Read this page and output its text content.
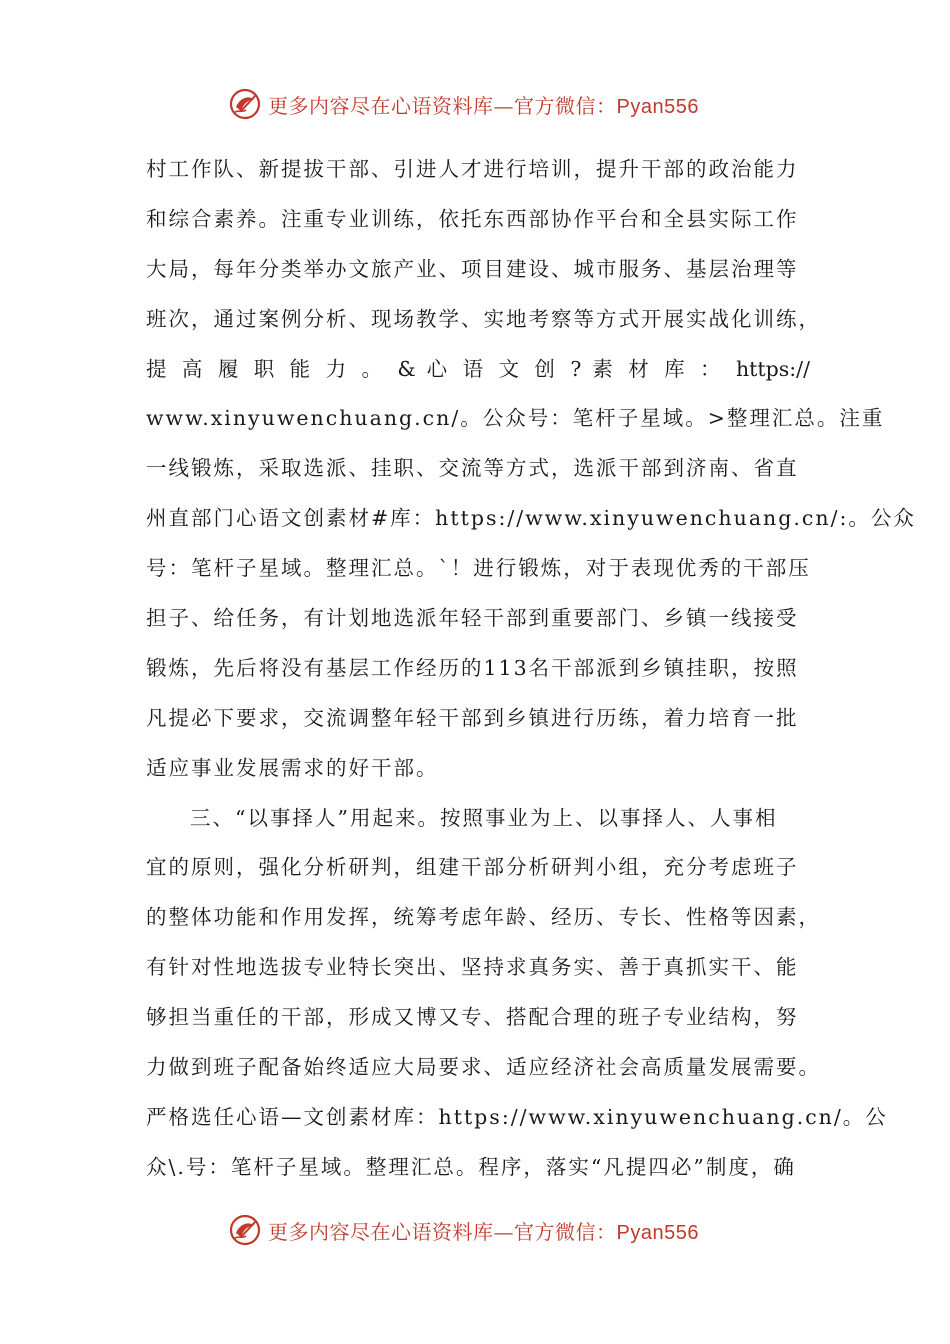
更多内容尽在心语资料库—官方微信：Pyan556
村工作队、新提拔干部、引进人才进行培训，提升干部的政治能力
和综合素养。注重专业训练，依托东西部协作平台和全县实际工作
大局，每年分类举办文旅产业、项目建设、城市服务、基层治理等
班次，通过案例分析、现场教学、实地考察等方式开展实战化训练，
提 高 履 职 能 力 。 & 心 语 文 创 ? 素 材 库 ： https://
www.xinyuwenchuang.cn/。公众号：笔杆子星域。>整理汇总。注重
一线锻炼，采取选派、挂职、交流等方式，选派干部到济南、省直
州直部门心语文创素材#库：https://www.xinyuwenchuang.cn/:。公众
号：笔杆子星域。整理汇总。`！进行锻炼，对于表现优秀的干部压
担子、给任务，有计划地选派年轻干部到重要部门、乡镇一线接受
锻炼，先后将没有基层工作经历的113名干部派到乡镇挂职，按照
凡提必下要求，交流调整年轻干部到乡镇进行历练，着力培育一批
适应事业发展需求的好干部。
三、“以事择人”用起来。按照事业为上、以事择人、人事相
宜的原则，强化分析研判，组建干部分析研判小组，充分考虑班子
的整体功能和作用发挥，统筹考虑年龄、经历、专长、性格等因素，
有针对性地选拔专业特长突出、坚持求真务实、善于真抓实干、能
够担当重任的干部，形成又博又专、搭配合理的班子专业结构，努
力做到班子配备始终适应大局要求、适应经济社会高质量发展需要。
严格选任心语—文创素材库：https://www.xinyuwenchuang.cn/。公
众\.号：笔杆子星域。整理汇总。程序，落实“凡提四必”制度，确
更多内容尽在心语资料库—官方微信：Pyan556
